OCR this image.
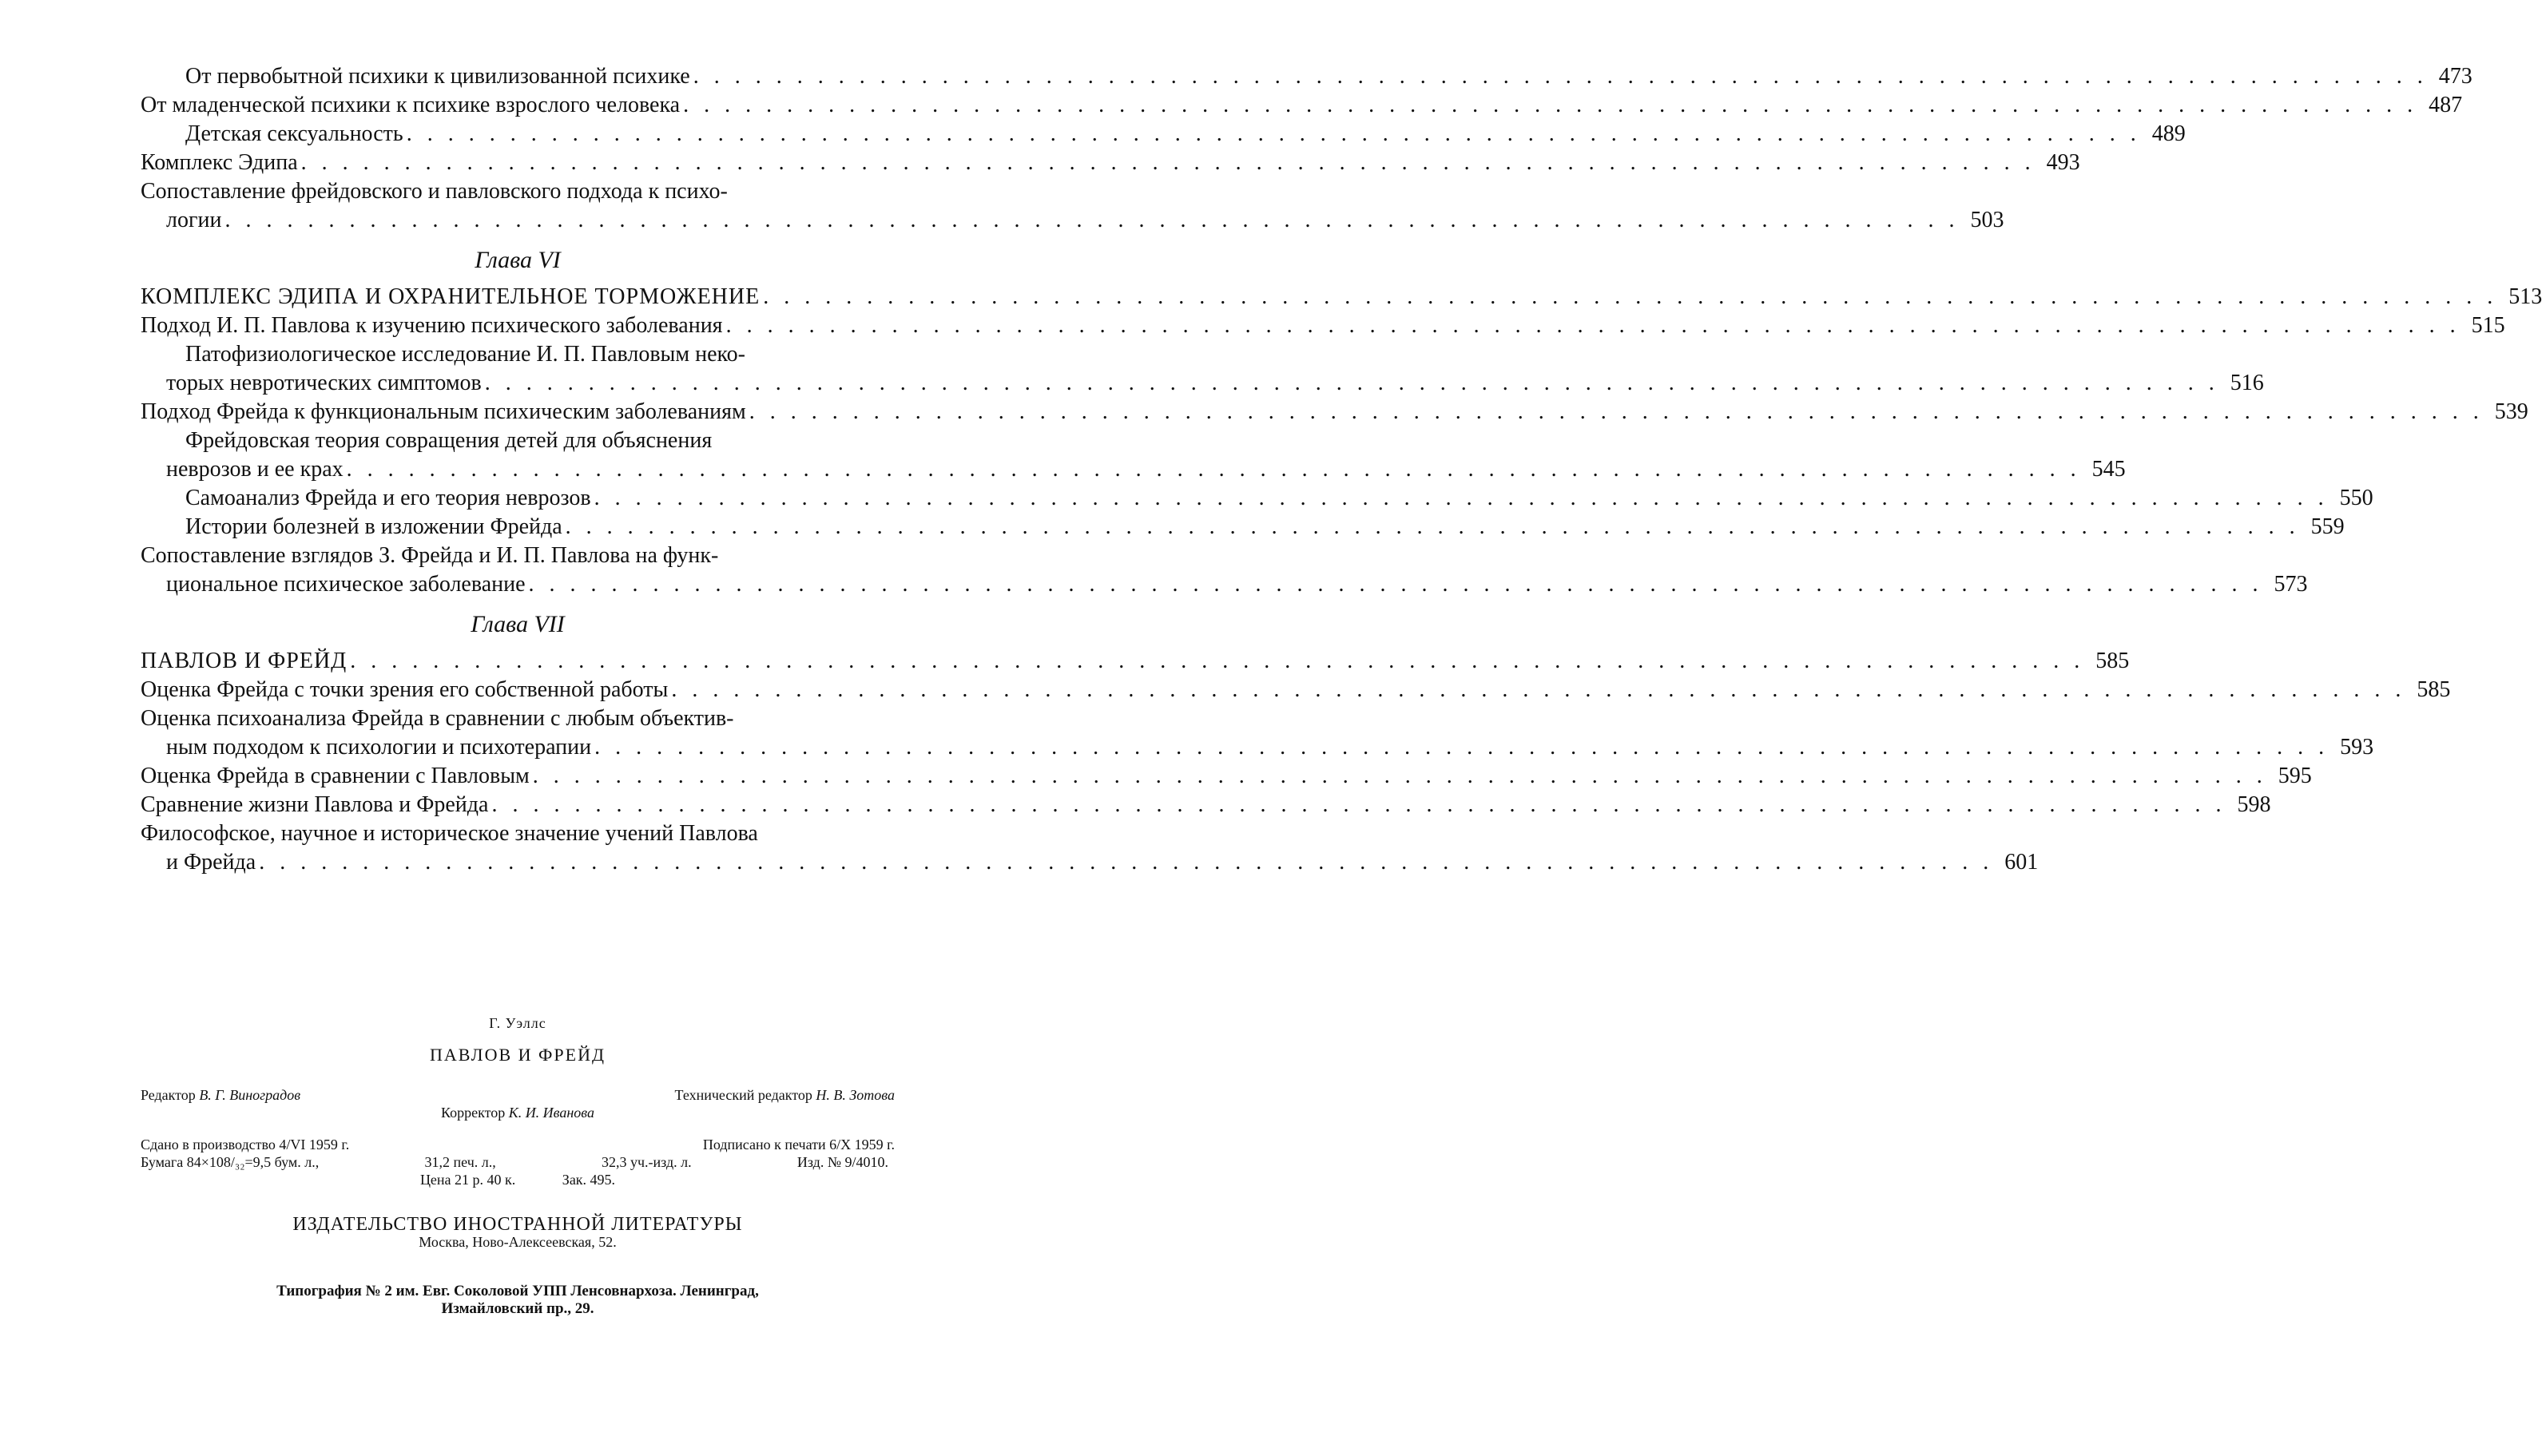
От первобытной психики к цивилизованной психике . . .	473
От младенческой психики к психике взрослого человека . . .	487
Детская сексуальность . . .	489
Комплекс Эдипа . . .	493
Сопоставление фрейдовского и павловского подхода к психо-
логии . . .	503
Глава VI
КОМПЛЕКС ЭДИПА И ОХРАНИТЕЛЬНОЕ ТОРМОЖЕНИЕ . . .	513
Подход И. П. Павлова к изучению психического заболевания . . .	515
Патофизиологическое исследование И. П. Павловым неко-
торых невротических симптомов . . .	516
Подход Фрейда к функциональным психическим заболеваниям . . .	539
Фрейдовская теория совращения детей для объяснения
неврозов и ее крах . . .	545
Самоанализ Фрейда и его теория неврозов . . .	550
Истории болезней в изложении Фрейда . . .	559
Сопоставление взглядов З. Фрейда и И. П. Павлова на функ-
циональное психическое заболевание . . .	573
Глава VII
ПАВЛОВ И ФРЕЙД . . .	585
Оценка Фрейда с точки зрения его собственной работы . . .	585
Оценка психоанализа Фрейда в сравнении с любым объектив-
ным подходом к психологии и психотерапии . . .	593
Оценка Фрейда в сравнении с Павловым . . .	595
Сравнение жизни Павлова и Фрейда . . .	598
Философское, научное и историческое значение учений Павлова
и Фрейда . . .	601
Г. Уэллс
ПАВЛОВ И ФРЕЙД
Редактор В. Г. Виноградов	Технический редактор Н. В. Зотова
Корректор К. И. Иванова
Сдано в производство 4/VI 1959 г.	Подписано к печати 6/X 1959 г.
Бумага 84×108/₃₂=9,5 бум. л.,	31,2 печ. л.,	32,3 уч.-изд. л.	Изд. № 9/4010.
Цена 21 р. 40 к.	Зак. 495.
ИЗДАТЕЛЬСТВО ИНОСТРАННОЙ ЛИТЕРАТУРЫ
Москва, Ново-Алексеевская, 52.
Типография № 2 им. Евг. Соколовой УПП Ленсовнархоза. Ленинград,
Измайловский пр., 29.
